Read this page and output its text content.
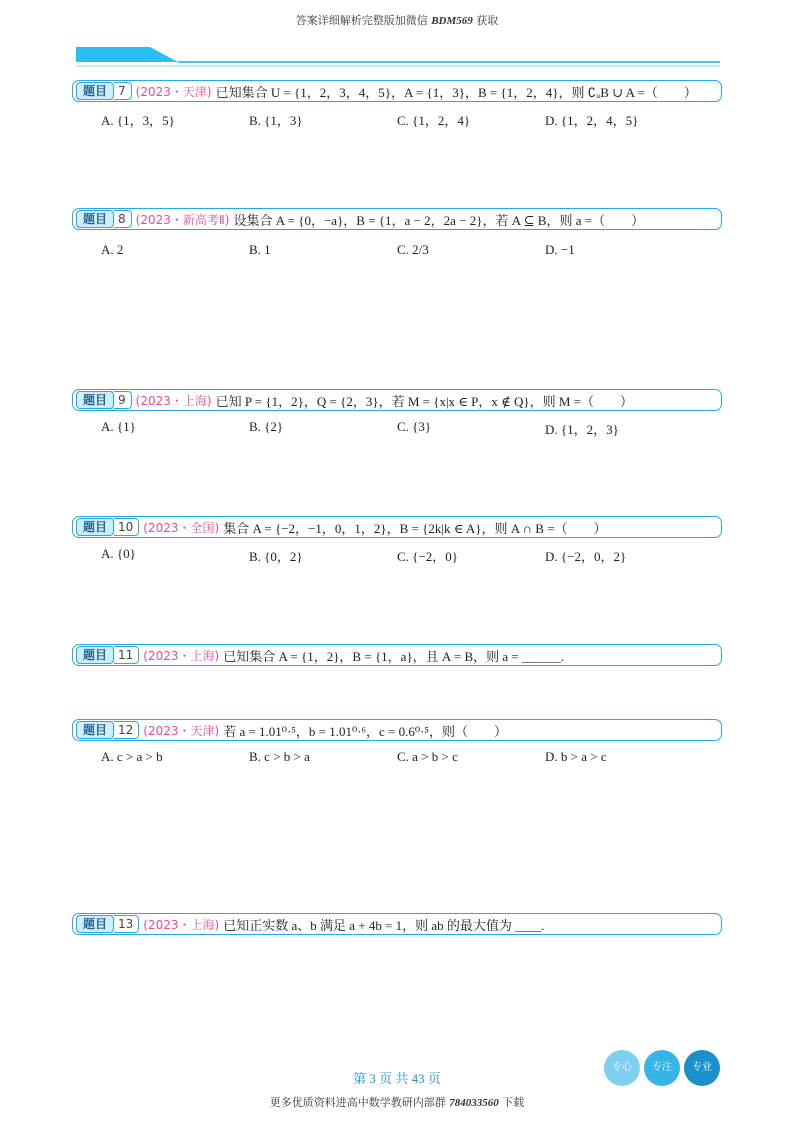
答案详细解析完整版加微信 BDM569 获取
题目 7 (2023・天津) 已知集合 U = {1，2，3，4，5}，A = {1，3}，B = {1，2，4}，则 ∁ᵤB ∪ A =（　　）
A. {1，3，5}	B. {1，3}	C. {1，2，4}	D. {1，2，4，5}
题目 8 (2023・新高考Ⅱ) 设集合 A = {0，−a}，B = {1，a − 2，2a − 2}，若 A ⊆ B，则 a =（　　）
A. 2	B. 1	C. 2/3	D. −1
题目 9 (2023・上海) 已知 P = {1，2}，Q = {2，3}，若 M = {x|x ∈ P，x ∉ Q}，则 M =（　　）
A. {1}	B. {2}	C. {3}	D. {1，2，3}
题目 10 (2023・全国) 集合 A = {−2，−1，0，1，2}，B = {2k|k ∈ A}，则 A ∩ B =（　　）
A. {0}	B. {0，2}	C. {−2，0}	D. {−2，0，2}
题目 11 (2023・上海) 已知集合 A = {1，2}，B = {1，a}，且 A = B，则 a = ______.
题目 12 (2023・天津) 若 a = 1.01⁰·⁵，b = 1.01⁰·⁶，c = 0.6⁰·⁵，则（　　）
A. c > a > b	B. c > b > a	C. a > b > c	D. b > a > c
题目 13 (2023・上海) 已知正实数 a、b 满足 a + 4b = 1，则 ab 的最大值为 ____.
第 3 页 共 43 页
专心	专注	专业
更多优质资料进高中数学教研内部群 784033560 下载
